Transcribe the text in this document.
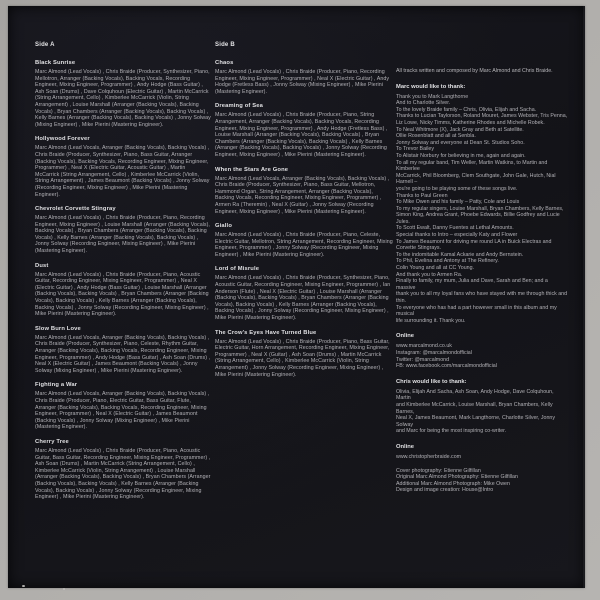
Side A
Black Sunrise
Marc Almond (Lead Vocals) , Chris Braide (Producer, Synthesizer, Piano, Mellotron, Arranger (Backing Vocals), Backing Vocals, Recording Engineer, Mixing Engineer, Programmer) , Andy Hodge (Bass Guitar) , Ash Soan (Drums) , Dave Colquhoun (Electric Guitar) , Martin McCarrick (String Arrangement, Cello) , Kimberlee McCarrick (Violin, String Arrangement) , Louise Marshall (Arranger (Backing Vocals), Backing Vocals) , Bryan Chambers (Arranger (Backing Vocals), Backing Vocals) , Kelly Barnes (Arranger (Backing Vocals), Backing Vocals) , Jonny Solway (Mixing Engineer) , Mike Pierini (Mastering Engineer).
Hollywood Forever
Marc Almond (Lead Vocals, Arranger (Backing Vocals), Backing Vocals) , Chris Braide (Producer, Synthesizer, Piano, Bass Guitar, Arranger (Backing Vocals), Backing Vocals, Recording Engineer, Mixing Engineer, Programmer) , Neal X (Electric Guitar, Acoustic Guitar) , Martin McCarrick (String Arrangement, Cello) , Kimberlee McCarrick (Violin, String Arrangement) , James Beaumont (Backing Vocals) , Jonny Solway (Recording Engineer, Mixing Engineer) , Mike Pierini (Mastering Engineer).
Chevrolet Corvette Stingray
Marc Almond (Lead Vocals) , Chris Braide (Producer, Piano, Recording Engineer, Mixing Engineer) , Louise Marshall (Arranger (Backing Vocals), Backing Vocals) , Bryan Chambers (Arranger (Backing Vocals), Backing Vocals) , Kelly Barnes (Arranger (Backing Vocals), Backing Vocals) , Jonny Solway (Recording Engineer, Mixing Engineer) , Mike Pierini (Mastering Engineer).
Dust
Marc Almond (Lead Vocals) , Chris Braide (Producer, Piano, Acoustic Guitar, Recording Engineer, Mixing Engineer, Programmer) , Neal X (Electric Guitar) , Andy Hodge (Bass Guitar) , Louise Marshall (Arranger (Backing Vocals), Backing Vocals) , Bryan Chambers (Arranger (Backing Vocals), Backing Vocals) , Kelly Barnes (Arranger (Backing Vocals), Backing Vocals) , Jonny Solway (Recording Engineer, Mixing Engineer) , Mike Pierini (Mastering Engineer).
Slow Burn Love
Marc Almond (Lead Vocals, Arranger (Backing Vocals), Backing Vocals) , Chris Braide (Producer, Synthesizer, Piano, Celeste, Rhythm Guitar, Arranger (Backing Vocals), Backing Vocals, Recording Engineer, Mixing Engineer, Programmer) , Andy Hodge (Bass Guitar) , Ash Soan (Drums) , Neal X (Electric Guitar) , James Beaumont (Backing Vocals) , Jonny Solway (Mixing Engineer) , Mike Pierini (Mastering Engineer).
Fighting a War
Marc Almond (Lead Vocals, Arranger (Backing Vocals), Backing Vocals) , Chris Braide (Producer, Piano, Electric Guitar, Bass Guitar, Flute, Arranger (Backing Vocals), Backing Vocals, Recording Engineer, Mixing Engineer, Programmer) , Neal X (Electric Guitar) , James Beaumont (Backing Vocals) , Jonny Solway (Mixing Engineer) , Mike Pierini (Mastering Engineer).
Cherry Tree
Marc Almond (Lead Vocals) , Chris Braide (Producer, Piano, Acoustic Guitar, Bass Guitar, Recording Engineer, Mixing Engineer, Programmer) , Ash Soan (Drums) , Martin McCarrick (String Arrangement, Cello) , Kimberlee McCarrick (Violin, String Arrangement) , Louise Marshall (Arranger (Backing Vocals), Backing Vocals) , Bryan Chambers (Arranger (Backing Vocals), Backing Vocals) , Kelly Barnes (Arranger (Backing Vocals), Backing Vocals) , Jonny Solway (Recording Engineer, Mixing Engineer) , Mike Pierini (Mastering Engineer).
Side B
Chaos
Marc Almond (Lead Vocals) , Chris Braide (Producer, Piano, Recording Engineer, Mixing Engineer, Programmer) , Neal X (Electric Guitar) , Andy Hodge (Fretless Bass) , Jonny Solway (Mixing Engineer) , Mike Pierini (Mastering Engineer).
Dreaming of Sea
Marc Almond (Lead Vocals) , Chris Braide (Producer, Piano, String Arrangement, Arranger (Backing Vocals), Backing Vocals, Recording Engineer, Mixing Engineer, Programmer) , Andy Hodge (Fretless Bass) , Louise Marshall (Arranger (Backing Vocals), Backing Vocals) , Bryan Chambers (Arranger (Backing Vocals), Backing Vocals) , Kelly Barnes (Arranger (Backing Vocals), Backing Vocals) , Jonny Solway (Recording Engineer, Mixing Engineer) , Mike Pierini (Mastering Engineer).
When the Stars Are Gone
Marc Almond (Lead Vocals, Arranger (Backing Vocals), Backing Vocals) , Chris Braide (Producer, Synthesizer, Piano, Bass Guitar, Mellotron, Hammond Organ, String Arrangement, Arranger (Backing Vocals), Backing Vocals, Recording Engineer, Mixing Engineer, Programmer) , Armen Ra (Theremin) , Neal X (Guitar) , Jonny Solway (Recording Engineer, Mixing Engineer) , Mike Pierini (Mastering Engineer).
Giallo
Marc Almond (Lead Vocals) , Chris Braide (Producer, Piano, Celeste, Electric Guitar, Mellotron, String Arrangement, Recording Engineer, Mixing Engineer, Programmer) , Jonny Solway (Recording Engineer, Mixing Engineer) , Mike Pierini (Mastering Engineer).
Lord of Misrule
Marc Almond (Lead Vocals) , Chris Braide (Producer, Synthesizer, Piano, Acoustic Guitar, Recording Engineer, Mixing Engineer, Programmer) , Ian Anderson (Flute) , Neal X (Electric Guitar) , Louise Marshall (Arranger (Backing Vocals), Backing Vocals) , Bryan Chambers (Arranger (Backing Vocals), Backing Vocals) , Kelly Barnes (Arranger (Backing Vocals), Backing Vocals) , Jonny Solway (Recording Engineer, Mixing Engineer) , Mike Pierini (Mastering Engineer).
The Crow's Eyes Have Turned Blue
Marc Almond (Lead Vocals) , Chris Braide (Producer, Piano, Bass Guitar, Electric Guitar, Horn Arrangement, Recording Engineer, Mixing Engineer, Programmer) , Neal X (Guitar) , Ash Soan (Drums) , Martin McCarrick (String Arrangement, Cello) , Kimberlee McCarrick (Violin, String Arrangement) , Jonny Solway (Recording Engineer, Mixing Engineer) , Mike Pierini (Mastering Engineer).
All tracks written and composed by Marc Almond and Chris Braide.
Marc would like to thank:
Thank you to Mark Langthorne
And to Charlotte Silver.
To the lovely Braide family – Chris, Olivia, Elijah and Sacha.
Thanks to Lucian Taylorson, Roland Mouret, James Webster, Tris Penna,
Liz Lowe, Nicky Timms, Katherine Rhodes and Michelle Robek.
To Neal Whitmore (X), Jack Gray and Beth at Satellite.
Ollie Rosenblatt and all at Senbla.
Jonny Solway and everyone at Dean St. Studios Soho.
To Trevor Bailey
To Alistair Norbury for believing in me, again and again.
To all my regular band, Tim Weller, Martin Watkins, to Martin and Kimberlee
McCarrick, Phil Bloomberg, Clem Southgate, John Gale, Hutch, Nial Harnell –
you're going to be playing some of these songs live.
Thanks to Paul Green
To Mike Owen and his family – Patty, Cole and Louis
To my regular singers, Louise Marshall, Bryan Chambers, Kelly Barnes,
Simon King, Andrea Grant, Phoebe Edwards, Billie Godfrey and Lucie Jules.
To Scott Ewalt, Danny Fuentes at Lethal Amounts.
Special thanks to Intro – especially Katy and Flower
To James Beaumont for driving me round LA in Buick Electras and Corvette Stingrays.
To the indomitable Kamal Ackarie and Andy Bernstein.
To Phil, Evelina and Antony at The Refinery.
Colin Young and all at CC Young.
And thank you to Armen Ra.
Finally to family, my mum, Julia and Dave, Sarah and Ben; and a massive
thank you to all my loyal fans who have stayed with me through thick and thin.
To everyone who has had a part however small in this album and my musical
life surrounding it. Thank you.
Online
www.marcalmond.co.uk
Instagram: @marcalmondofficial
Twitter: @marcalmond
FB: www.facebook.com/marcalmondofficial
Chris would like to thank:
Olivia, Elijah And Sacha, Ash Soan, Andy Hodge, Dave Colquhoun, Martin
and Kimberlee McCarrick, Louise Marshall, Bryan Chambers, Kelly Barnes,
Neal X, James Beaumont, Mark Langthorne, Charlotte Silver, Jonny Solway
and Marc for being the most inspiring co-writer.
Online
www.christopherbraide.com
Cover photography: Etienne Gilfillan
Original Marc Almond Photography: Etienne Gilfillan
Additional Marc Almond Photograph: Mike Owen
Design and image creation: House@Intro
